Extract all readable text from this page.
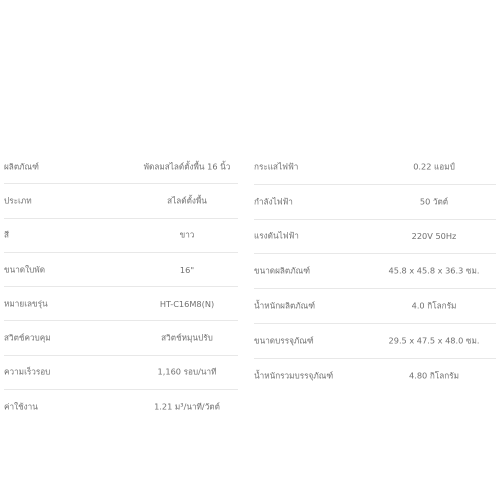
ผลิตภัณฑ์	พัดลมสไลด์ตั้งพื้น 16 นิ้ว
ประเภท	สไลด์ตั้งพื้น
สี	ขาว
ขนาดใบพัด	16"
หมายเลขรุ่น	HT-C16M8(N)
สวิตช์ควบคุม	สวิตช์หมุนปรับ
ความเร็วรอบ	1,160 รอบ/นาที
ค่าใช้งาน	1.21 ม³/นาที/วัตต์
กระแสไฟฟ้า	0.22 แอมป์
กำลังไฟฟ้า	50 วัตต์
แรงดันไฟฟ้า	220V 50Hz
ขนาดผลิตภัณฑ์	45.8 x 45.8 x 36.3 ซม.
น้ำหนักผลิตภัณฑ์	4.0 กิโลกรัม
ขนาดบรรจุภัณฑ์	29.5 x 47.5 x 48.0 ซม.
น้ำหนักรวมบรรจุภัณฑ์	4.80 กิโลกรัม
